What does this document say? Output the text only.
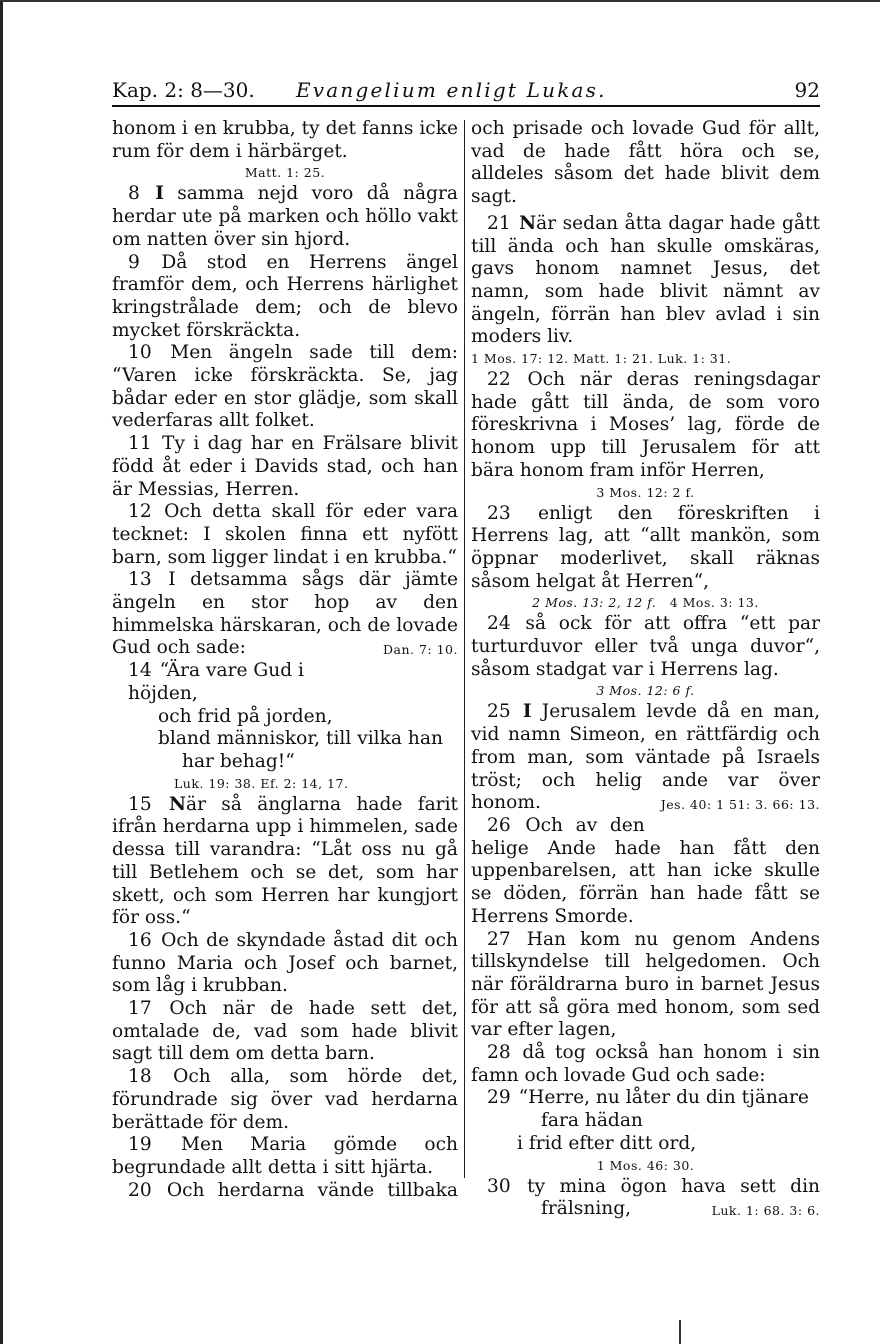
Kap. 2: 8—30. Evangelium enligt Lukas.	92

honom i en krubba, ty det fanns icke rum för dem i härbärget.

Matt. 1: 25.

8 I samma nejd voro då några herdar ute på marken och höllo vakt om natten över sin hjord.

9 Då stod en Herrens ängel framför dem, och Herrens härlighet kringstrålade dem; och de blevo mycket förskräckta.

10 Men ängeln sade till dem: “Varen icke förskräckta. Se, jag bådar eder en stor glädje, som skall vederfaras allt folket.

11 Ty i dag har en Frälsare blivit född åt eder i Davids stad, och han är Messias, Herren.

12 Och detta skall för eder vara tecknet: I skolen finna ett nyfött barn, som ligger lindat i en krubba.“

13 I detsamma sågs där jämte ängeln en stor hop av den himmelska härskaran, och de lovade Gud och sade:	Dan. 7: 10.

14 “Ära vare Gud i höjden,
och frid på jorden,
bland människor, till vilka han
har behag!“

Luk. 19: 38. Ef. 2: 14, 17.

15 När så änglarna hade farit ifrån herdarna upp i himmelen, sade dessa till varandra: “Låt oss nu gå till Betlehem och se det, som har skett, och som Herren har kungjort för oss.“

16 Och de skyndade åstad dit och funno Maria och Josef och barnet, som låg i krubban.

17 Och när de hade sett det, omtalade de, vad som hade blivit sagt till dem om detta barn.

18 Och alla, som hörde det, förundrade sig över vad herdarna berättade för dem.

19 Men Maria gömde och begrundade allt detta i sitt hjärta.

20 Och herdarna vände tillbaka

och prisade och lovade Gud för allt, vad de hade fått höra och se, alldeles såsom det hade blivit dem sagt.

21 När sedan åtta dagar hade gått till ända och han skulle omskäras, gavs honom namnet Jesus, det namn, som hade blivit nämnt av ängeln, förrän han blev avlad i sin moders liv.

1 Mos. 17: 12. Matt. 1: 21. Luk. 1: 31.

22 Och när deras reningsdagar hade gått till ända, de som voro föreskrivna i Moses’ lag, förde de honom upp till Jerusalem för att bära honom fram inför Herren,

3 Mos. 12: 2 f.

23 enligt den föreskriften i Herrens lag, att “allt mankön, som öppnar moderlivet, skall räknas såsom helgat åt Herren“,

2 Mos. 13: 2, 12 f. 4 Mos. 3: 13.

24 så ock för att offra “ett par turturduvor eller två unga duvor“, såsom stadgat var i Herrens lag.

3 Mos. 12: 6 f.

25 I Jerusalem levde då en man, vid namn Simeon, en rättfärdig och from man, som väntade på Israels tröst; och helig ande var över honom.	Jes. 40: 1 51: 3. 66: 13.

26 Och av den helige Ande hade han fått den uppenbarelsen, att han icke skulle se döden, förrän han hade fått se Herrens Smorde.

27 Han kom nu genom Andens tillskyndelse till helgedomen. Och när föräldrarna buro in barnet Jesus för att så göra med honom, som sed var efter lagen,

28 då tog också han honom i sin famn och lovade Gud och sade:

29 “Herre, nu låter du din tjänare
fara hädan
i frid efter ditt ord,

1 Mos. 46: 30.

30 ty mina ögon hava sett din
frälsning,	Luk. 1: 68. 3: 6.
